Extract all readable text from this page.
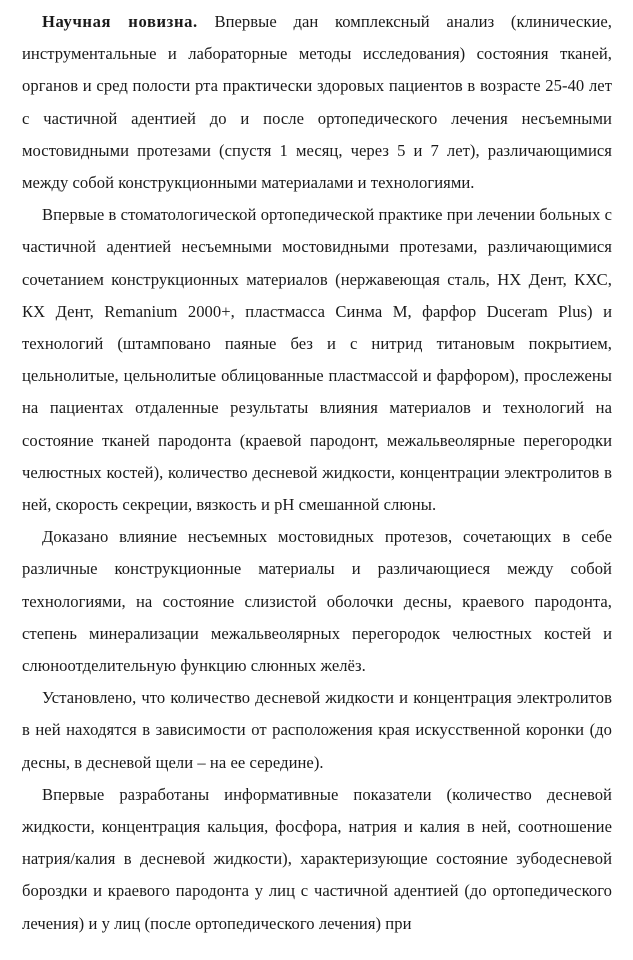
Научная новизна. Впервые дан комплексный анализ (клинические, инструментальные и лабораторные методы исследования) состояния тканей, органов и сред полости рта практически здоровых пациентов в возрасте 25-40 лет с частичной адентией до и после ортопедического лечения несъемными мостовидными протезами (спустя 1 месяц, через 5 и 7 лет), различающимися между собой конструкционными материалами и технологиями.

Впервые в стоматологической ортопедической практике при лечении больных с частичной адентией несъемными мостовидными протезами, различающимися сочетанием конструкционных материалов (нержавеющая сталь, НХ Дент, КХС, КХ Дент, Remanium 2000+, пластмасса Синма М, фарфор Duceram Plus) и технологий (штамповано паяные без и с нитрид титановым покрытием, цельнолитые, цельнолитые облицованные пластмассой и фарфором), прослежены на пациентах отдаленные результаты влияния материалов и технологий на состояние тканей пародонта (краевой пародонт, межальвеолярные перегородки челюстных костей), количество десневой жидкости, концентрации электролитов в ней, скорость секреции, вязкость и pH смешанной слюны.

Доказано влияние несъемных мостовидных протезов, сочетающих в себе различные конструкционные материалы и различающиеся между собой технологиями, на состояние слизистой оболочки десны, краевого пародонта, степень минерализации межальвеолярных перегородок челюстных костей и слюноотделительную функцию слюнных желёз.

Установлено, что количество десневой жидкости и концентрация электролитов в ней находятся в зависимости от расположения края искусственной коронки (до десны, в десневой щели – на ее середине).

Впервые разработаны информативные показатели (количество десневой жидкости, концентрация кальция, фосфора, натрия и калия в ней, соотношение натрия/калия в десневой жидкости), характеризующие состояние зубодесневой бороздки и краевого пародонта у лиц с частичной адентией (до ортопедического лечения) и у лиц (после ортопедического лечения) при
